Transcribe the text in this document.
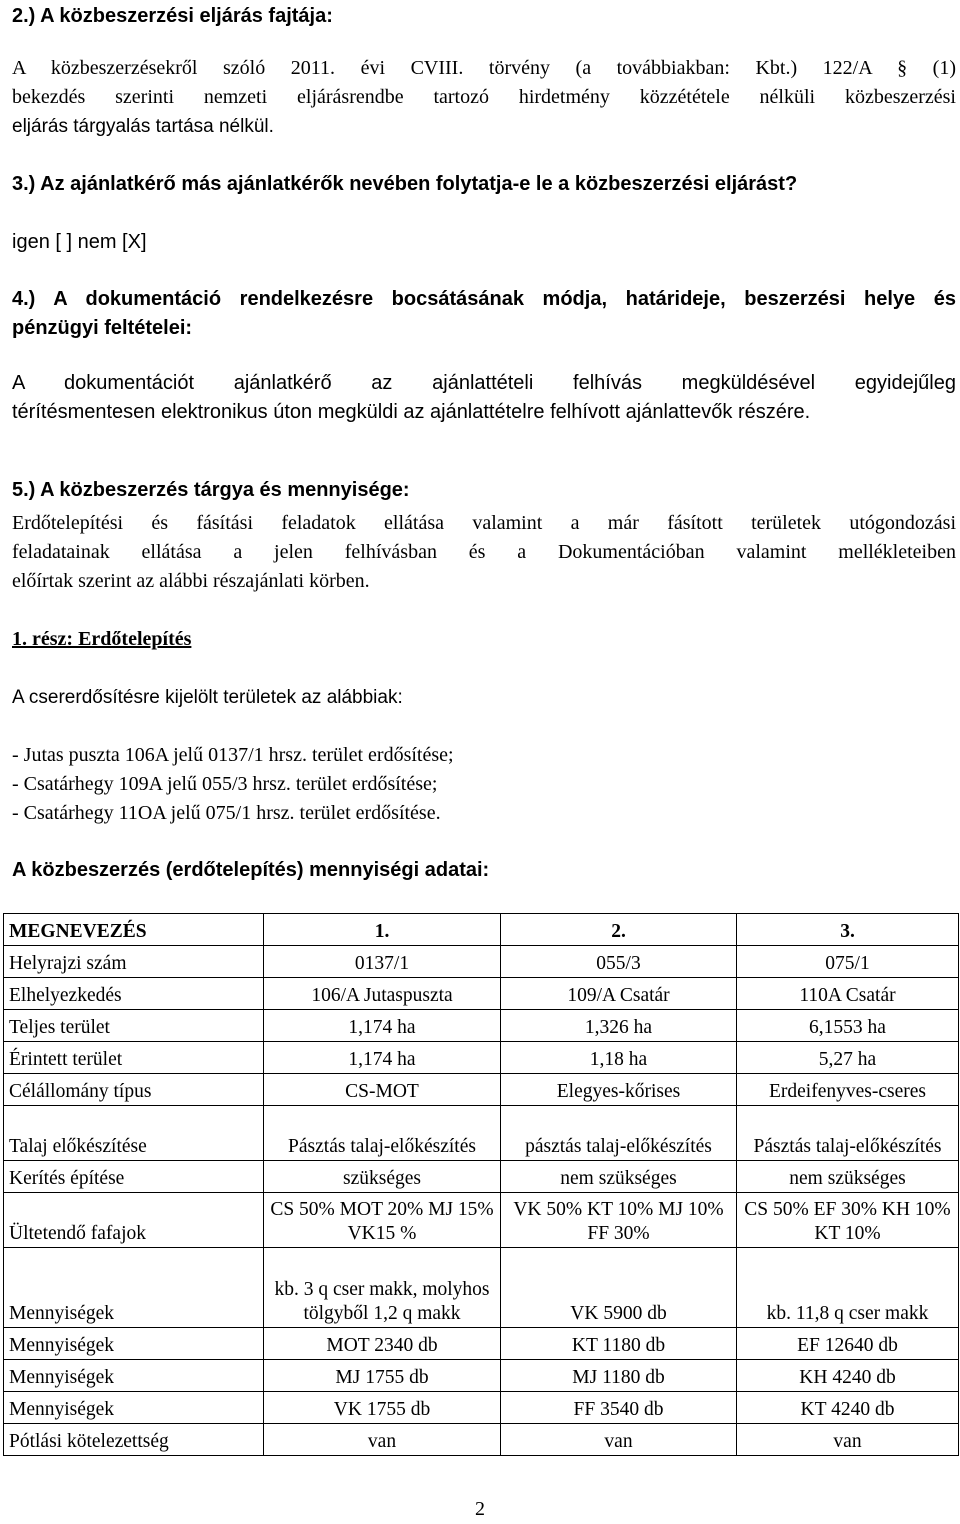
2.) A közbeszerzési eljárás fajtája:

A közbeszerzésekről szóló 2011. évi CVIII. törvény (a továbbiakban: Kbt.) 122/A § (1)

bekezdés szerinti nemzeti eljárásrendbe tartozó hirdetmény közzététele nélküli közbeszerzési

eljárás tárgyalás tartása nélkül.

3.) Az ajánlatkérő más ajánlatkérők nevében folytatja-e le a közbeszerzési eljárást?

igen [ ] nem [X]

4.) A dokumentáció rendelkezésre bocsátásának módja, határideje, beszerzési helye és

pénzügyi feltételei:

A dokumentációt ajánlatkérő az ajánlattételi felhívás megküldésével egyidejűleg

térítésmentesen elektronikus úton megküldi az ajánlattételre felhívott ajánlattevők részére.

5.) A közbeszerzés tárgya és mennyisége:

Erdőtelepítési és fásítási feladatok ellátása valamint a már fásított területek utógondozási

feladatainak ellátása a jelen felhívásban és a Dokumentációban valamint mellékleteiben

előírtak szerint az alábbi részajánlati körben.

1. rész: Erdőtelepítés

A csererdősítésre kijelölt területek az alábbiak:

- Jutas puszta 106A jelű 0137/1 hrsz. terület erdősítése;

- Csatárhegy 109A jelű 055/3 hrsz. terület erdősítése;

- Csatárhegy 11OA jelű 075/1 hrsz. terület erdősítése.

A közbeszerzés (erdőtelepítés) mennyiségi adatai:

MEGNEVEZÉS	1.	2.	3.
Helyrajzi szám	0137/1	055/3	075/1
Elhelyezkedés	106/A Jutaspuszta	109/A Csatár	110A Csatár
Teljes terület	1,174 ha	1,326 ha	6,1553 ha
Érintett terület	1,174 ha	1,18 ha	5,27 ha
Célállomány típus	CS-MOT	Elegyes-kőrises	Erdeifenyves-cseres
Talaj előkészítése	Pásztás talaj-előkészítés	pásztás talaj-előkészítés	Pásztás talaj-előkészítés
Kerítés építése	szükséges	nem szükséges	nem szükséges
Ültetendő fafajok	CS 50% MOT 20% MJ 15% VK15 %	VK 50% KT 10% MJ 10% FF 30%	CS 50% EF 30% KH 10% KT 10%
Mennyiségek	kb. 3 q cser makk, molyhos tölgyből 1,2 q makk	VK 5900 db	kb. 11,8 q cser makk
Mennyiségek	MOT 2340 db	KT 1180 db	EF 12640 db
Mennyiségek	MJ 1755 db	MJ 1180 db	KH 4240 db
Mennyiségek	VK 1755 db	FF 3540 db	KT 4240 db
Pótlási kötelezettség	van	van	van
2
